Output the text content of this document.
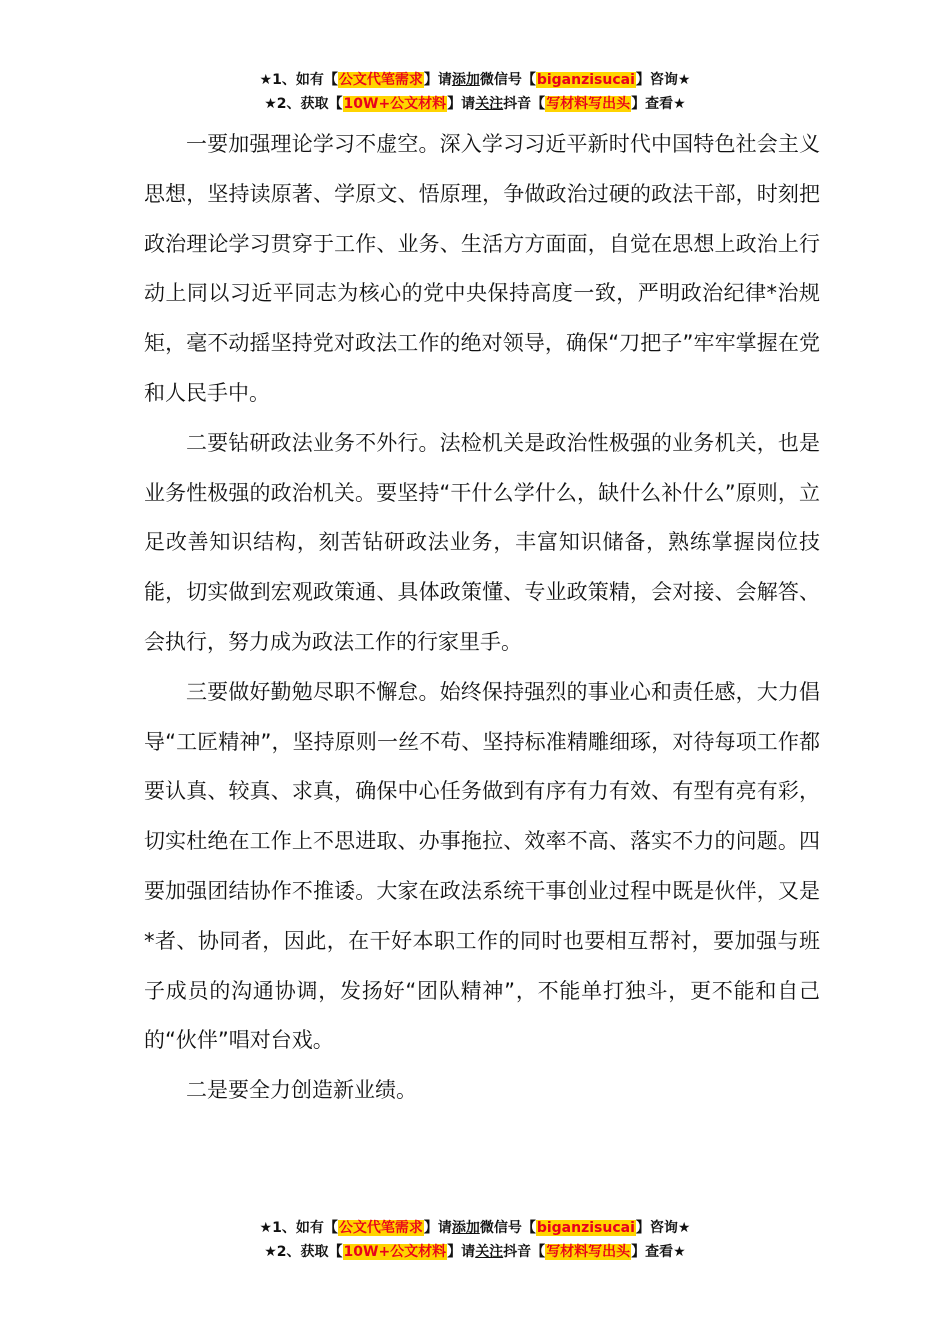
★1、如有【公文代笔需求】请添加微信号【biganzisucai】咨询★
★2、获取【10W+公文材料】请关注抖音【写材料写出头】查看★

一要加强理论学习不虚空。深入学习习近平新时代中国特色社会主义思想，坚持读原著、学原文、悟原理，争做政治过硬的政法干部，时刻把政治理论学习贯穿于工作、业务、生活方方面面，自觉在思想上政治上行动上同以习近平同志为核心的党中央保持高度一致，严明政治纪律*治规矩，毫不动摇坚持党对政法工作的绝对领导，确保“刀把子”牢牢掌握在党和人民手中。

二要钻研政法业务不外行。法检机关是政治性极强的业务机关，也是业务性极强的政治机关。要坚持“干什么学什么，缺什么补什么”原则，立足改善知识结构，刻苦钻研政法业务，丰富知识储备，熟练掌握岗位技能，切实做到宏观政策通、具体政策懂、专业政策精，会对接、会解答、会执行，努力成为政法工作的行家里手。

三要做好勤勉尽职不懈怠。始终保持强烈的事业心和责任感，大力倡导“工匠精神”，坚持原则一丝不苟、坚持标准精雕细琢，对待每项工作都要认真、较真、求真，确保中心任务做到有序有力有效、有型有亮有彩，切实杜绝在工作上不思进取、办事拖拉、效率不高、落实不力的问题。四要加强团结协作不推诿。大家在政法系统干事创业过程中既是伙伴，又是*者、协同者，因此，在干好本职工作的同时也要相互帮衬，要加强与班子成员的沟通协调，发扬好“团队精神”，不能单打独斗，更不能和自己的“伙伴”唱对台戏。

二是要全力创造新业绩。

★1、如有【公文代笔需求】请添加微信号【biganzisucai】咨询★
★2、获取【10W+公文材料】请关注抖音【写材料写出头】查看★
